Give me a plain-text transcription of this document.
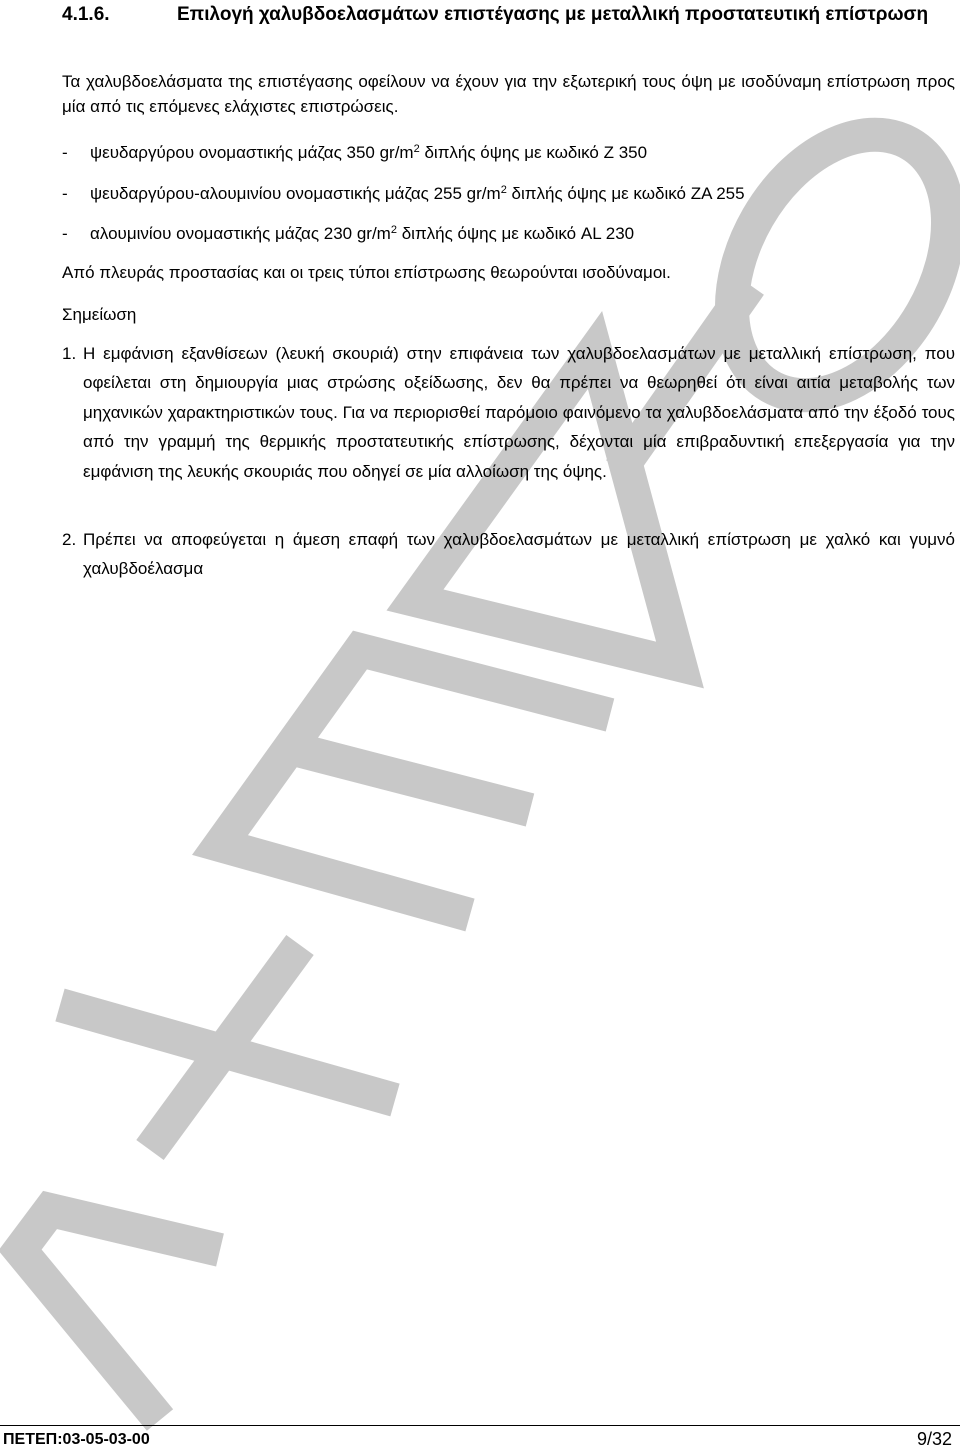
4.1.6.	Επιλογή χαλυβδοελασμάτων επιστέγασης με μεταλλική προστατευτική επίστρωση
Τα χαλυβδοελάσματα της επιστέγασης οφείλουν να έχουν για την εξωτερική τους όψη με ισοδύναμη επίστρωση προς μία από τις επόμενες ελάχιστες επιστρώσεις.
- ψευδαργύρου ονομαστικής μάζας 350 $gr/m^2$ διπλής όψης με κωδικό Z 350
- ψευδαργύρου-αλουμινίου ονομαστικής μάζας 255 $gr/m^2$ διπλής όψης με κωδικό ZA 255
- αλουμινίου ονομαστικής μάζας 230 $gr/m^2$ διπλής όψης με κωδικό AL 230
Από πλευράς προστασίας και οι τρεις τύποι επίστρωσης θεωρούνται ισοδύναμοι.
Σημείωση
1. Η εμφάνιση εξανθίσεων (λευκή σκουριά) στην επιφάνεια των χαλυβδοελασμάτων με μεταλλική επίστρωση, που οφείλεται στη δημιουργία μιας στρώσης οξείδωσης, δεν θα πρέπει να θεωρηθεί ότι είναι αιτία μεταβολής των μηχανικών χαρακτηριστικών τους. Για να περιορισθεί παρόμοιο φαινόμενο τα χαλυβδοελάσματα από την έξοδό τους από την γραμμή της θερμικής προστατευτικής επίστρωσης, δέχονται μία επιβραδυντική επεξεργασία για την εμφάνιση της λευκής σκουριάς που οδηγεί σε μία αλλοίωση της όψης.
2. Πρέπει να αποφεύγεται η άμεση επαφή των χαλυβδοελασμάτων με μεταλλική επίστρωση με χαλκό και γυμνό χαλυβδοέλασμα
ΠΕΤΕΠ:03-05-03-00	9/32
